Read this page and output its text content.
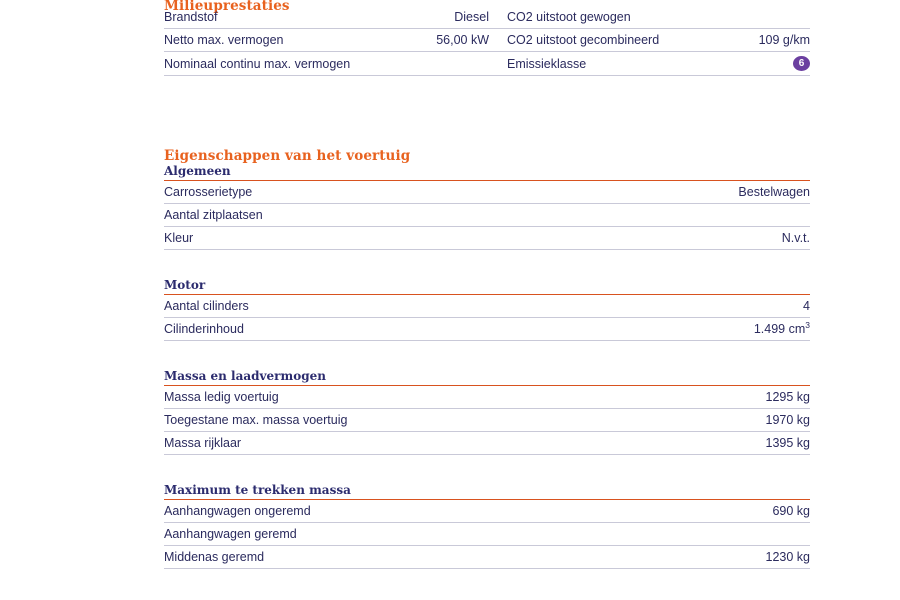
Milieuprestaties
Brandstof	Diesel	CO2 uitstoot gewogen	
Netto max. vermogen	56,00 kW	CO2 uitstoot gecombineerd	109 g/km
Nominaal continu max. vermogen		Emissieklasse	6
Eigenschappen van het voertuig
Algemeen
Carrosserietype	Bestelwagen
Aantal zitplaatsen	
Kleur	N.v.t.
Motor
Aantal cilinders	4
Cilinderinhoud	1.499 $cm^3$
Massa en laadvermogen
Massa ledig voertuig	1295 kg
Toegestane max. massa voertuig	1970 kg
Massa rijklaar	1395 kg
Maximum te trekken massa
Aanhangwagen ongeremd	690 kg
Aanhangwagen geremd	
Middenas geremd	1230 kg
